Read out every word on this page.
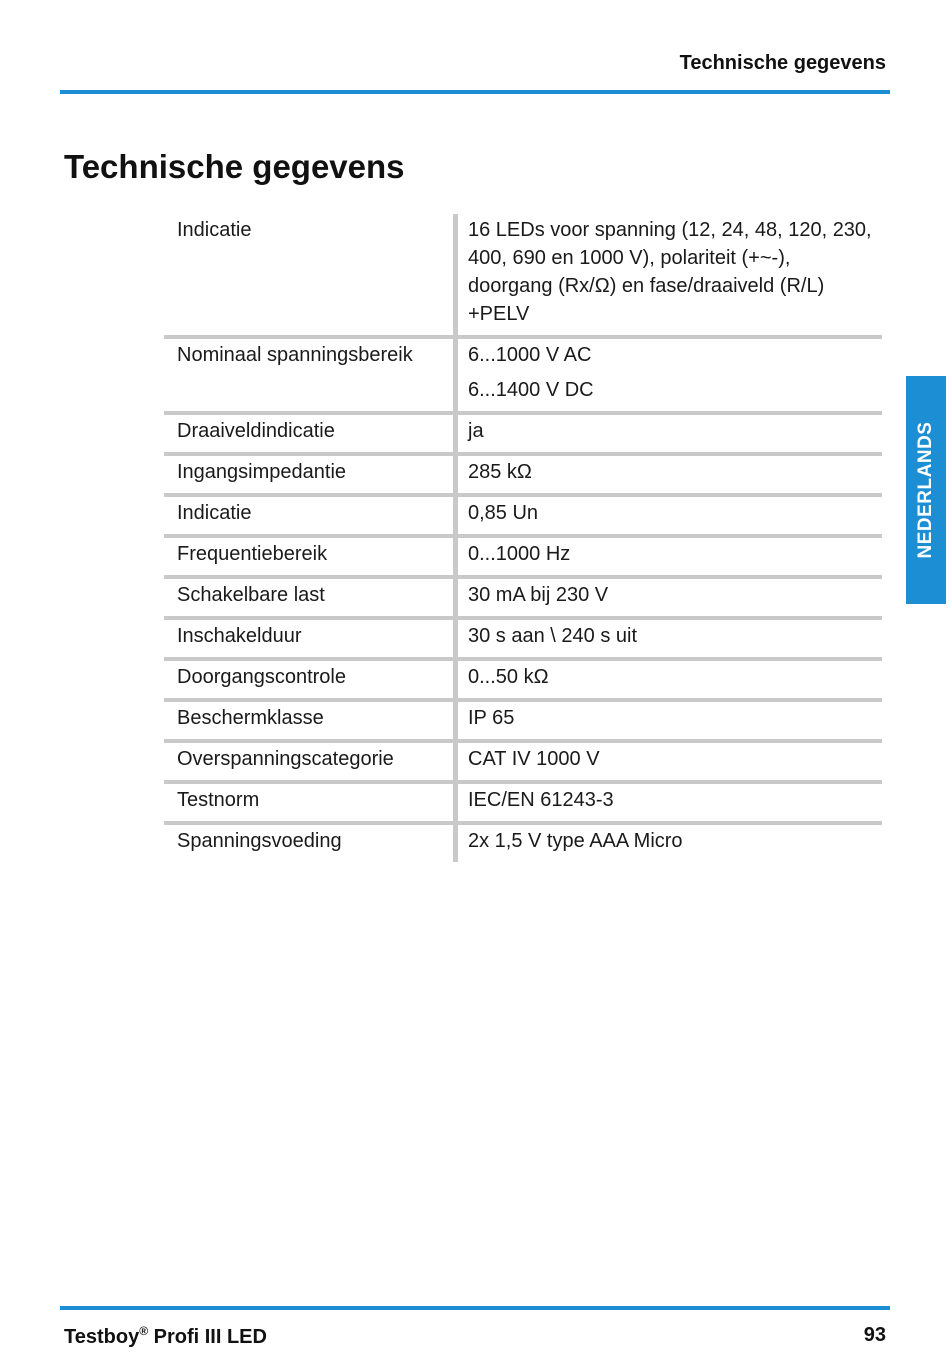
Technische gegevens
Technische gegevens
NEDERLANDS
Indicatie	16 LEDs voor spanning (12, 24, 48, 120, 230, 400, 690 en 1000 V), polariteit (+~-), doorgang (Rx/Ω) en fase/draaiveld (R/L) +PELV

Nominaal spanningsbereik	6...1000 V AC
6...1400 V DC

Draaiveldindicatie	ja

Ingangsimpedantie	285 kΩ

Indicatie	0,85 Un

Frequentiebereik	0...1000 Hz

Schakelbare last	30 mA bij 230 V

Inschakelduur	30 s aan \ 240 s uit

Doorgangscontrole	0...50 kΩ

Beschermklasse	IP 65

Overspanningscategorie	CAT IV 1000 V

Testnorm	IEC/EN 61243-3

Spanningsvoeding	2x 1,5 V type AAA Micro
Testboy® Profi III LED	93
